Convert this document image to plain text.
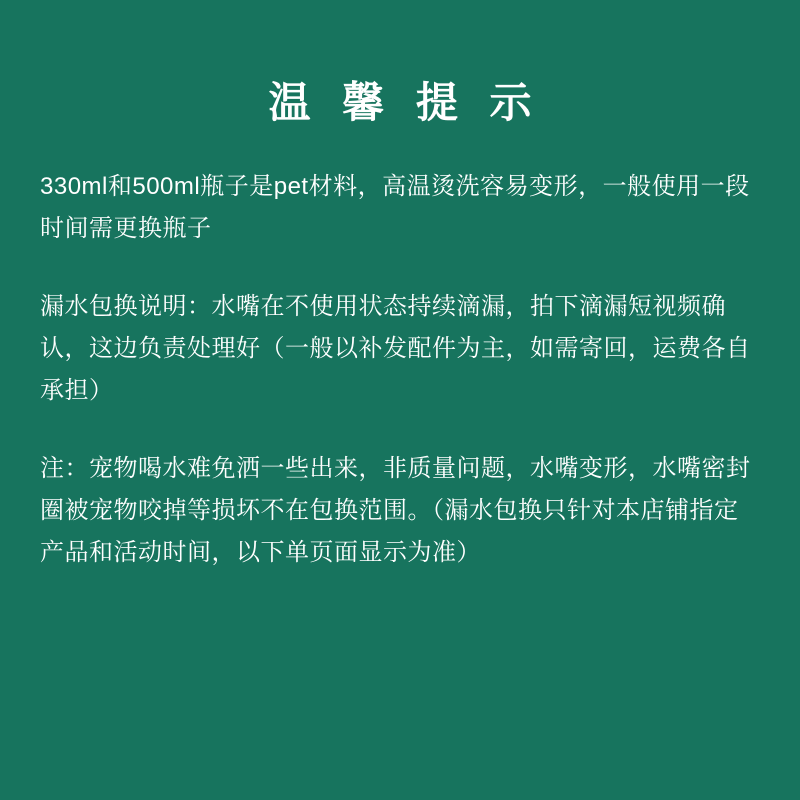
温 馨 提 示

330ml和500ml瓶子是pet材料，高温烫洗容易变形，一般使用一段时间需更换瓶子

漏水包换说明：水嘴在不使用状态持续滴漏，拍下滴漏短视频确认，这边负责处理好（一般以补发配件为主，如需寄回，运费各自承担）

注：宠物喝水难免洒一些出来，非质量问题，水嘴变形，水嘴密封圈被宠物咬掉等损坏不在包换范围。（漏水包换只针对本店铺指定产品和活动时间，以下单页面显示为准）
